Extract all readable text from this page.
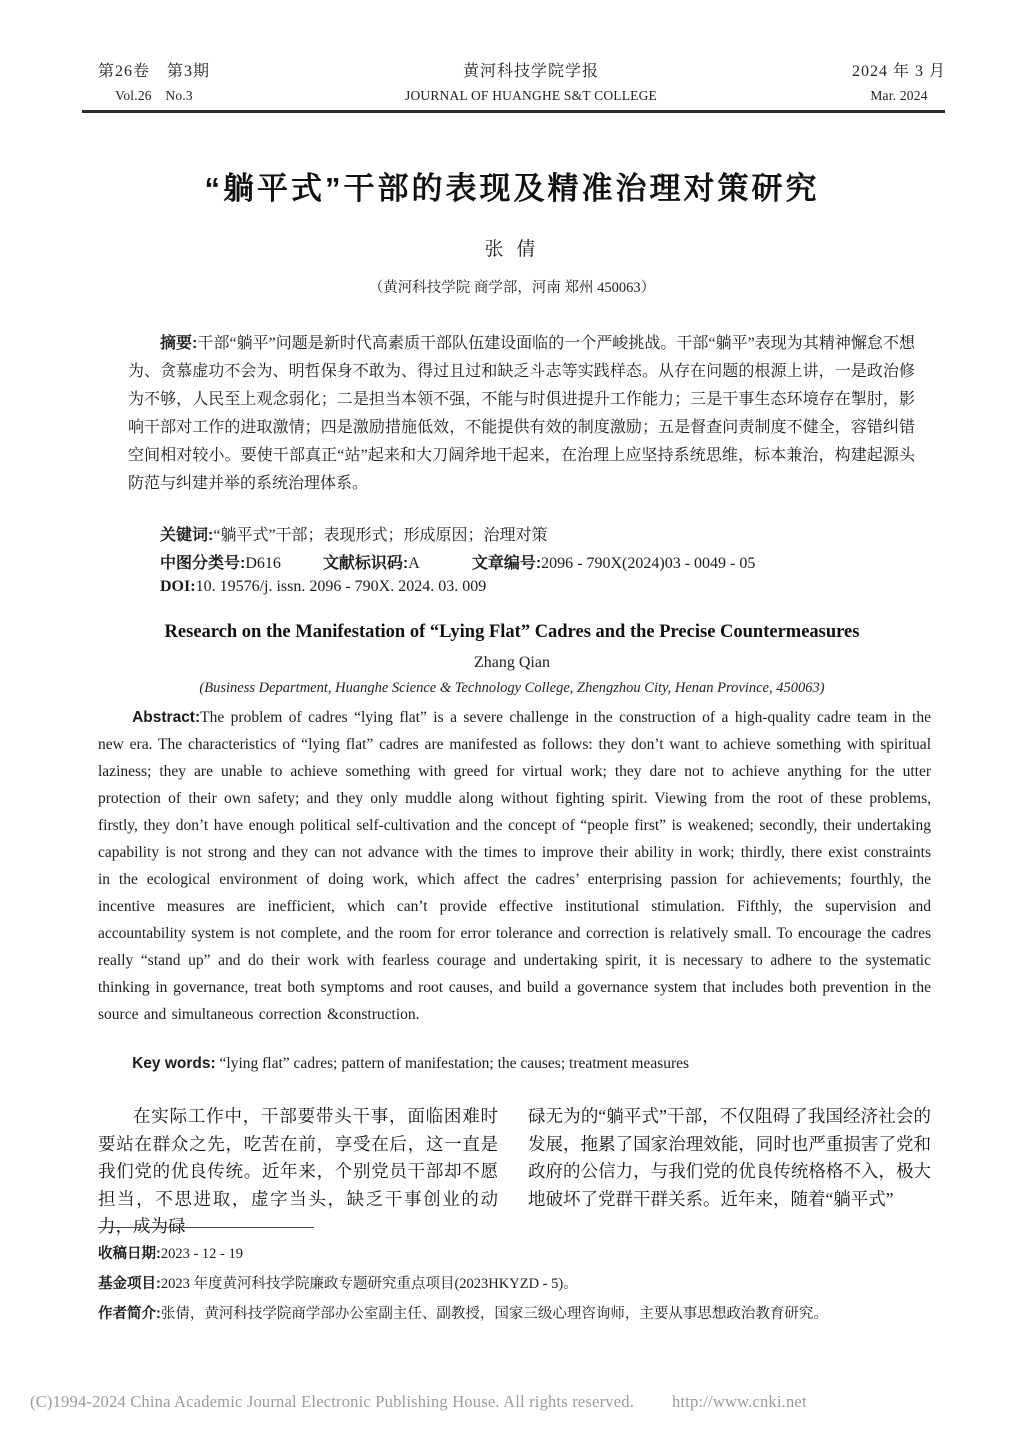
第26卷　第3期
Vol.26　No.3
黄河科技学院学报
JOURNAL OF HUANGHE S&T COLLEGE
2024 年 3 月
Mar. 2024
“躺平式”干部的表现及精准治理对策研究
张 倩
（黄河科技学院 商学部，河南 郑州 450063）
摘要:干部“躺平”问题是新时代高素质干部队伍建设面临的一个严峻挑战。干部“躺平”表现为其精神懈怠不想为、贪慕虚功不会为、明哲保身不敢为、得过且过和缺乏斗志等实践样态。从存在问题的根源上讲，一是政治修为不够，人民至上观念弱化；二是担当本领不强，不能与时俱进提升工作能力；三是干事生态环境存在掣肘，影响干部对工作的进取激情；四是激励措施低效，不能提供有效的制度激励；五是督查问责制度不健全，容错纠错空间相对较小。要使干部真正“站”起来和大刀阔斧地干起来，在治理上应坚持系统思维，标本兼治，构建起源头防范与纠建并举的系统治理体系。
关键词:“躺平式”干部；表现形式；形成原因；治理对策
中图分类号:D616	文献标识码:A	文章编号:2096 - 790X(2024)03 - 0049 - 05
DOI:10. 19576/j. issn. 2096 - 790X. 2024. 03. 009
Research on the Manifestation of “Lying Flat” Cadres and the Precise Countermeasures
Zhang Qian
(Business Department, Huanghe Science & Technology College, Zhengzhou City, Henan Province, 450063)
Abstract:The problem of cadres “lying flat” is a severe challenge in the construction of a high-quality cadre team in the new era. The characteristics of “lying flat” cadres are manifested as follows: they don’t want to achieve something with spiritual laziness; they are unable to achieve something with greed for virtual work; they dare not to achieve anything for the utter protection of their own safety; and they only muddle along without fighting spirit. Viewing from the root of these problems, firstly, they don’t have enough political self-cultivation and the concept of “people first” is weakened; secondly, their undertaking capability is not strong and they can not advance with the times to improve their ability in work; thirdly, there exist constraints in the ecological environment of doing work, which affect the cadres’ enterprising passion for achievements; fourthly, the incentive measures are inefficient, which can’t provide effective institutional stimulation. Fifthly, the supervision and accountability system is not complete, and the room for error tolerance and correction is relatively small. To encourage the cadres really “stand up” and do their work with fearless courage and undertaking spirit, it is necessary to adhere to the systematic thinking in governance, treat both symptoms and root causes, and build a governance system that includes both prevention in the source and simultaneous correction &construction.
Key words: “lying flat” cadres; pattern of manifestation; the causes; treatment measures
在实际工作中，干部要带头干事，面临困难时要站在群众之先，吃苦在前，享受在后，这一直是我们党的优良传统。近年来，个别党员干部却不愿担当，不思进取，虚字当头，缺乏干事创业的动力，成为碌
碌无为的“躺平式”干部，不仅阻碍了我国经济社会的发展，拖累了国家治理效能，同时也严重损害了党和政府的公信力，与我们党的优良传统格格不入，极大地破坏了党群干群关系。近年来，随着“躺平式”
收稿日期:2023 - 12 - 19
基金项目:2023 年度黄河科技学院廉政专题研究重点项目(2023HKYZD - 5)。
作者简介:张倩，黄河科技学院商学部办公室副主任、副教授，国家三级心理咨询师，主要从事思想政治教育研究。
(C)1994-2024 China Academic Journal Electronic Publishing House. All rights reserved. http://www.cnki.net
